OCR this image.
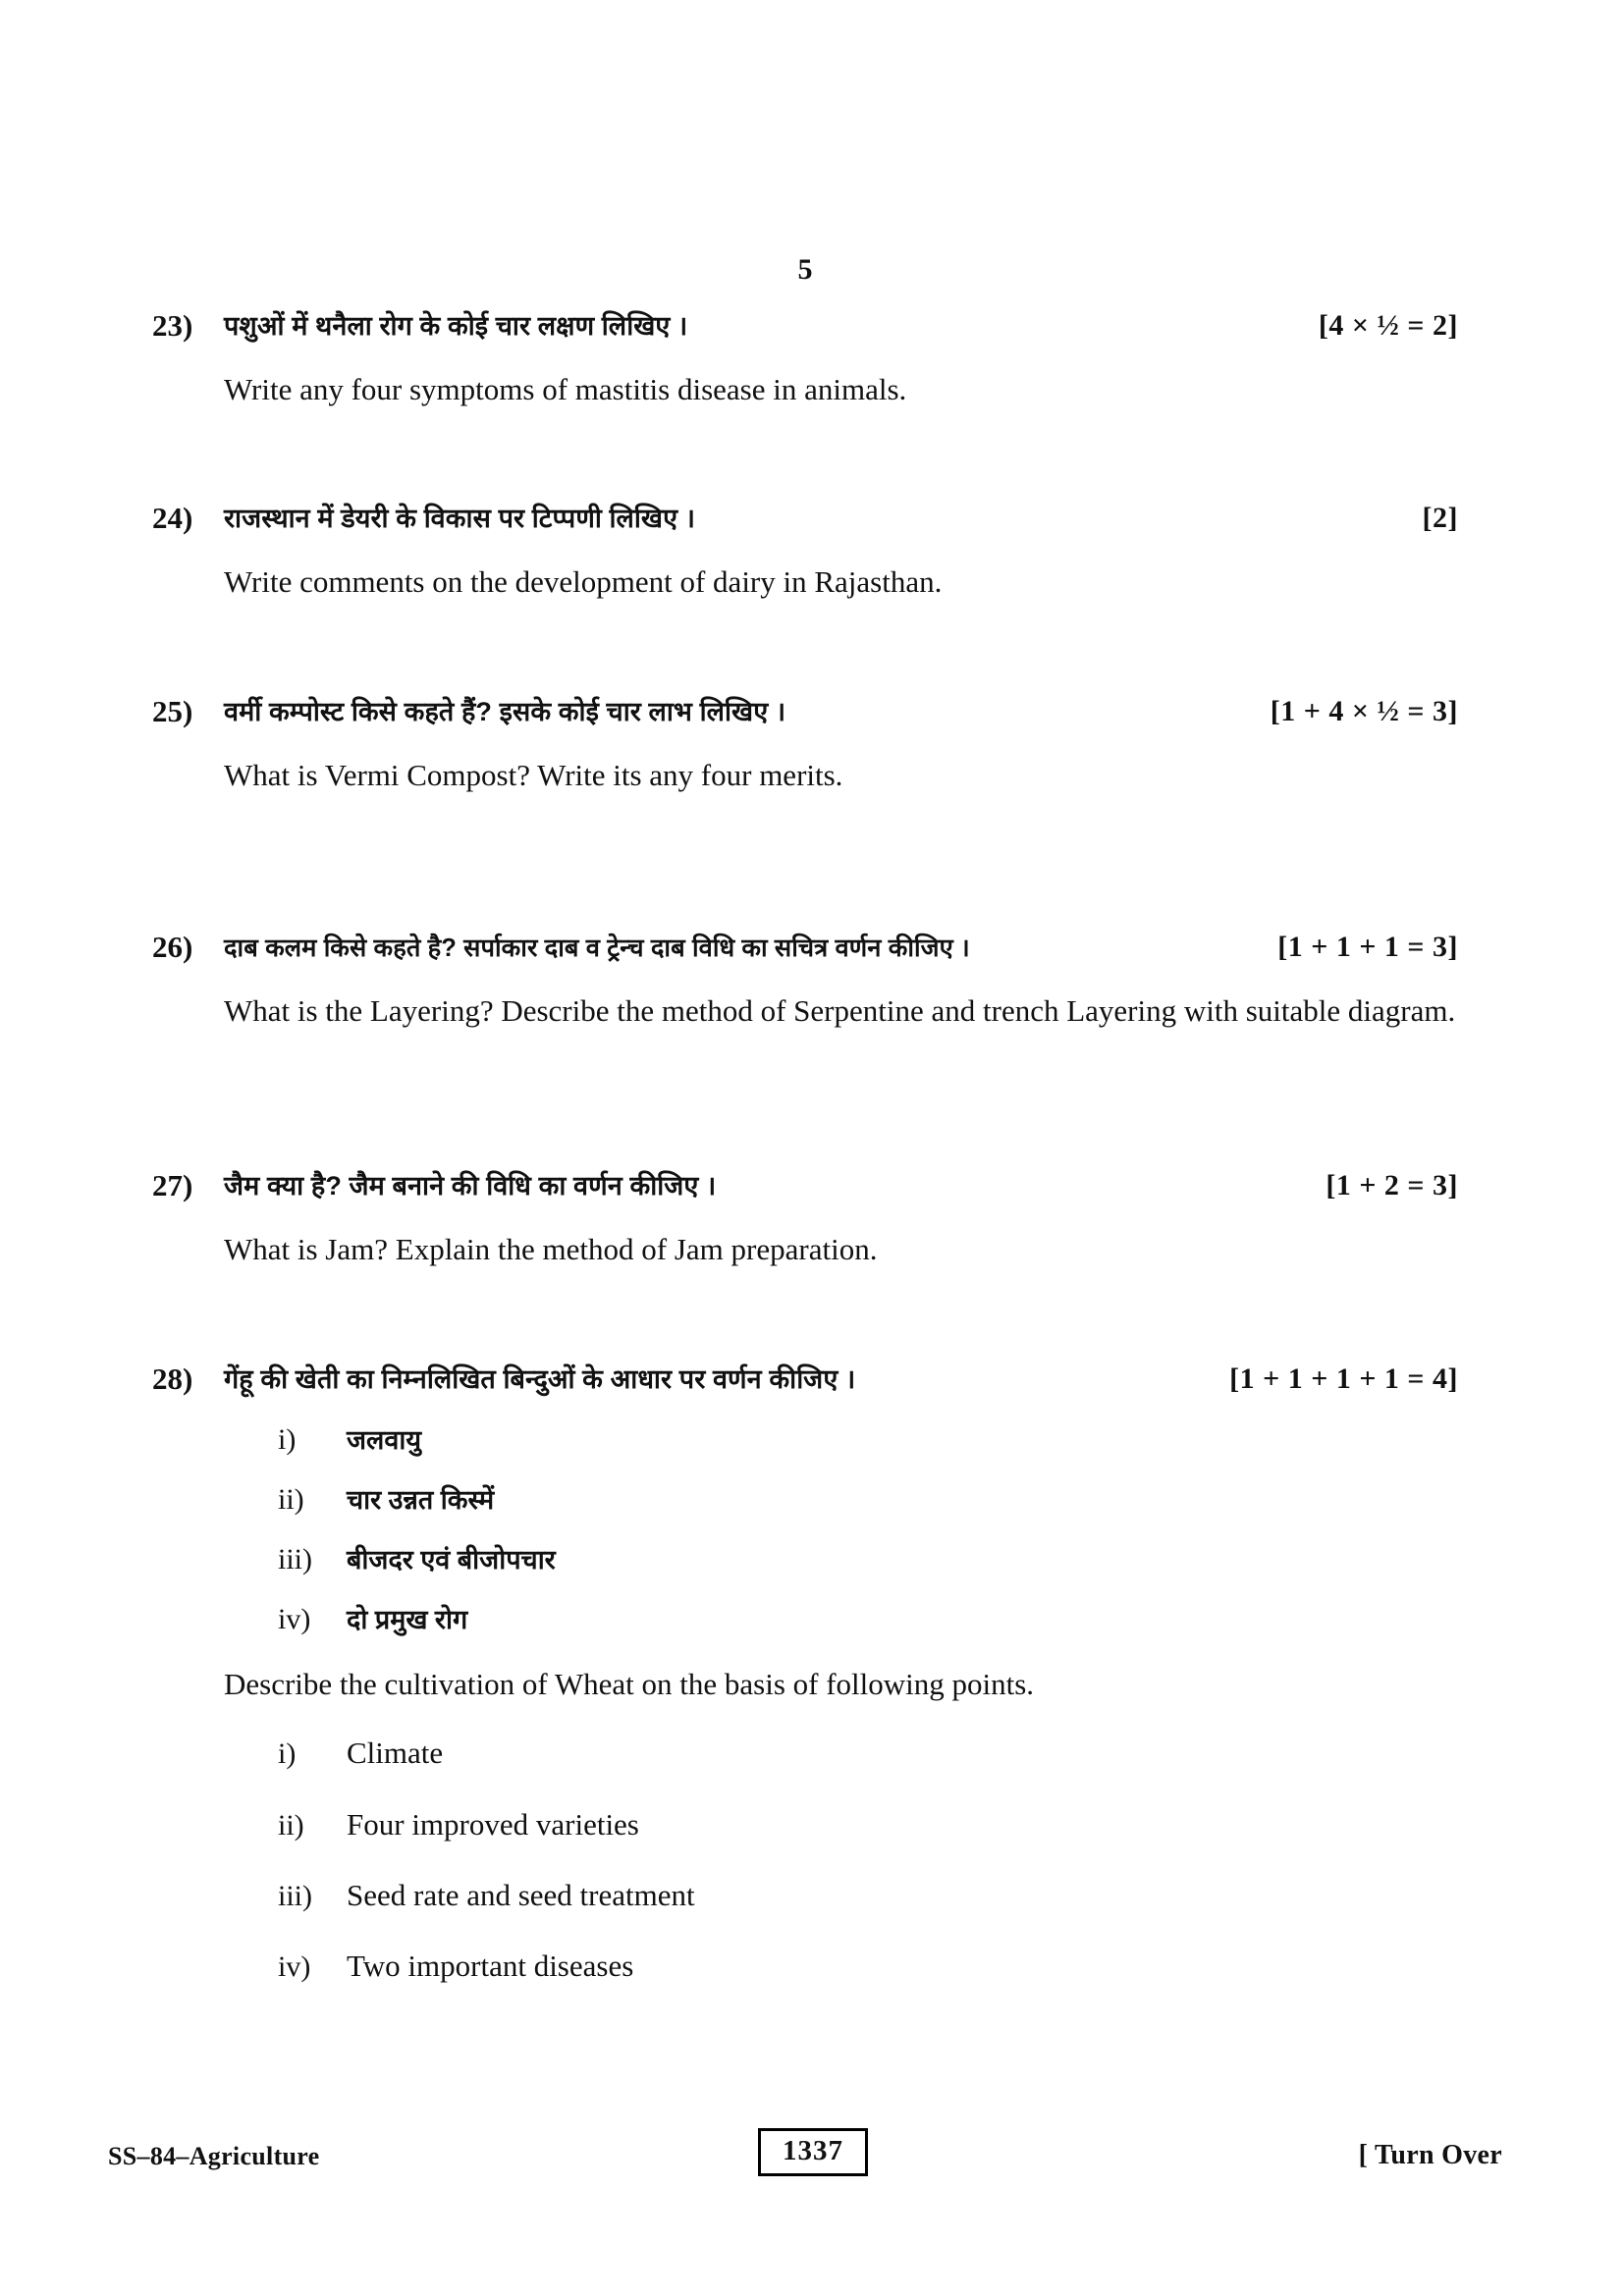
5
23)	पशुओं में थनैला रोग के कोई चार लक्षण लिखिए ।	[4 × ½ = 2]
Write any four symptoms of mastitis disease in animals.
24)	राजस्थान में डेयरी के विकास पर टिप्पणी लिखिए ।	[2]
Write comments on the development of dairy in Rajasthan.
25)	वर्मी कम्पोस्ट किसे कहते हैं? इसके कोई चार लाभ लिखिए ।	[1 + 4 × ½ = 3]
What is Vermi Compost? Write its any four merits.
26)	दाब कलम किसे कहते है? सर्पाकार दाब व ट्रेन्च दाब विधि का सचित्र वर्णन कीजिए ।	[1 + 1 + 1 = 3]
What is the Layering? Describe the method of Serpentine and trench Layering with suitable diagram.
27)	जैम क्या है? जैम बनाने की विधि का वर्णन कीजिए ।	[1 + 2 = 3]
What is Jam? Explain the method of Jam preparation.
28)	गेंहू की खेती का निम्नलिखित बिन्दुओं के आधार पर वर्णन कीजिए ।	[1 + 1 + 1 + 1 = 4]
i)	जलवायु
ii)	चार उन्नत किस्में
iii)	बीजदर एवं बीजोपचार
iv)	दो प्रमुख रोग
Describe the cultivation of Wheat on the basis of following points.
i)	Climate
ii)	Four improved varieties
iii)	Seed rate and seed treatment
iv)	Two important diseases
SS–84–Agriculture	1337	[ Turn Over
